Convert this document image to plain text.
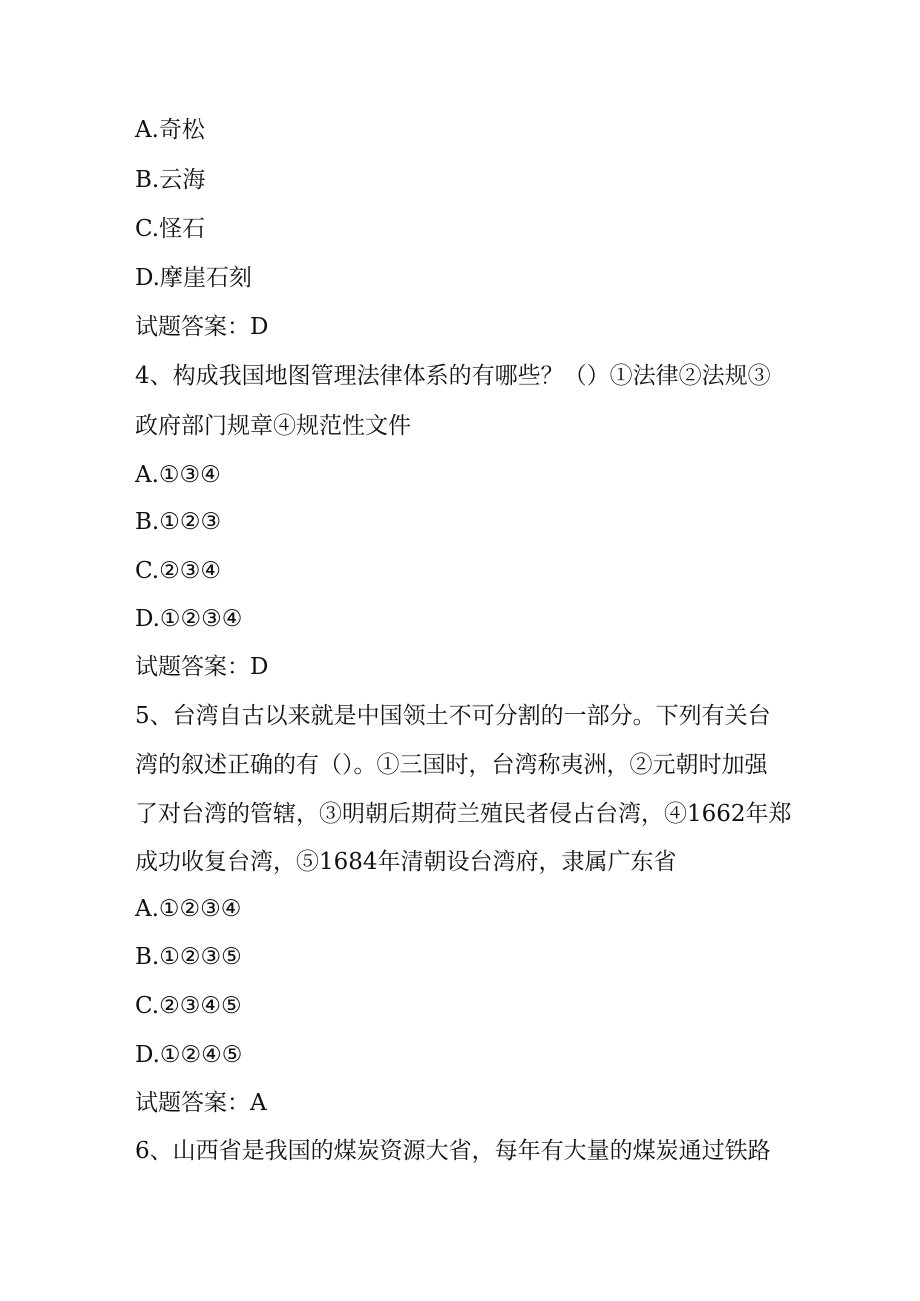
A.奇松
B.云海
C.怪石
D.摩崖石刻
试题答案：D
4、构成我国地图管理法律体系的有哪些？（）①法律②法规③
政府部门规章④规范性文件
A.①③④
B.①②③
C.②③④
D.①②③④
试题答案：D
5、台湾自古以来就是中国领土不可分割的一部分。下列有关台
湾的叙述正确的有（）。①三国时，台湾称夷洲，②元朝时加强
了对台湾的管辖，③明朝后期荷兰殖民者侵占台湾，④1662年郑
成功收复台湾，⑤1684年清朝设台湾府，隶属广东省
A.①②③④
B.①②③⑤
C.②③④⑤
D.①②④⑤
试题答案：A
6、山西省是我国的煤炭资源大省，每年有大量的煤炭通过铁路
